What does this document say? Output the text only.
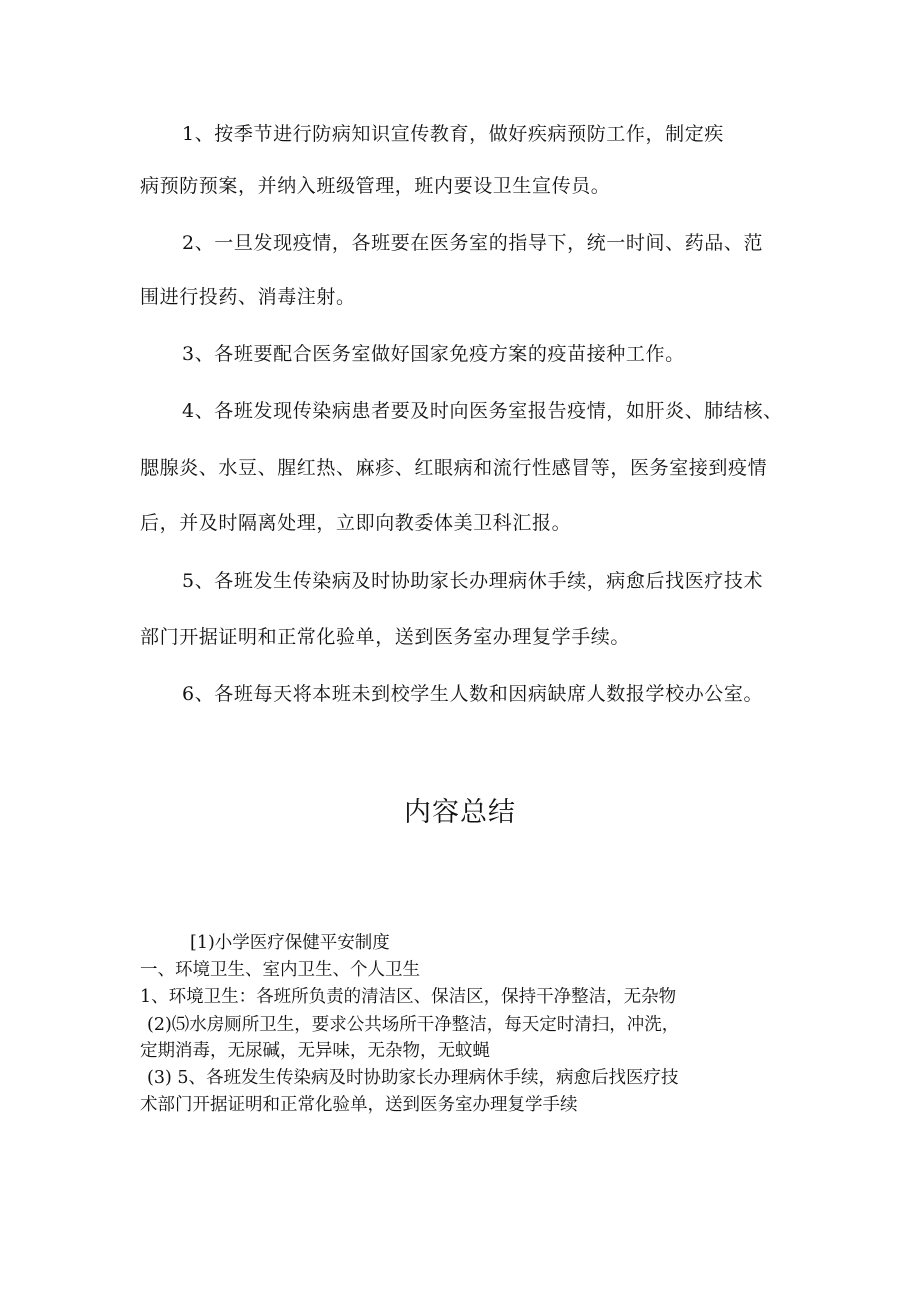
1、按季节进行防病知识宣传教育，做好疾病预防工作，制定疾
病预防预案，并纳入班级管理，班内要设卫生宣传员。
2、一旦发现疫情，各班要在医务室的指导下，统一时间、药品、范
围进行投药、消毒注射。
3、各班要配合医务室做好国家免疫方案的疫苗接种工作。
4、各班发现传染病患者要及时向医务室报告疫情，如肝炎、肺结核、
腮腺炎、水豆、腥红热、麻疹、红眼病和流行性感冒等，医务室接到疫情
后，并及时隔离处理，立即向教委体美卫科汇报。
5、各班发生传染病及时协助家长办理病休手续，病愈后找医疗技术
部门开据证明和正常化验单，送到医务室办理复学手续。
6、各班每天将本班未到校学生人数和因病缺席人数报学校办公室。
内容总结
[1)小学医疗保健平安制度
一、环境卫生、室内卫生、个人卫生
1、环境卫生：各班所负责的清洁区、保洁区，保持干净整洁，无杂物
(2)⑸水房厕所卫生，要求公共场所干净整洁，每天定时清扫，冲洗，
定期消毒，无尿碱，无异味，无杂物，无蚊蝇
(3) 5、各班发生传染病及时协助家长办理病休手续，病愈后找医疗技
术部门开据证明和正常化验单，送到医务室办理复学手续
